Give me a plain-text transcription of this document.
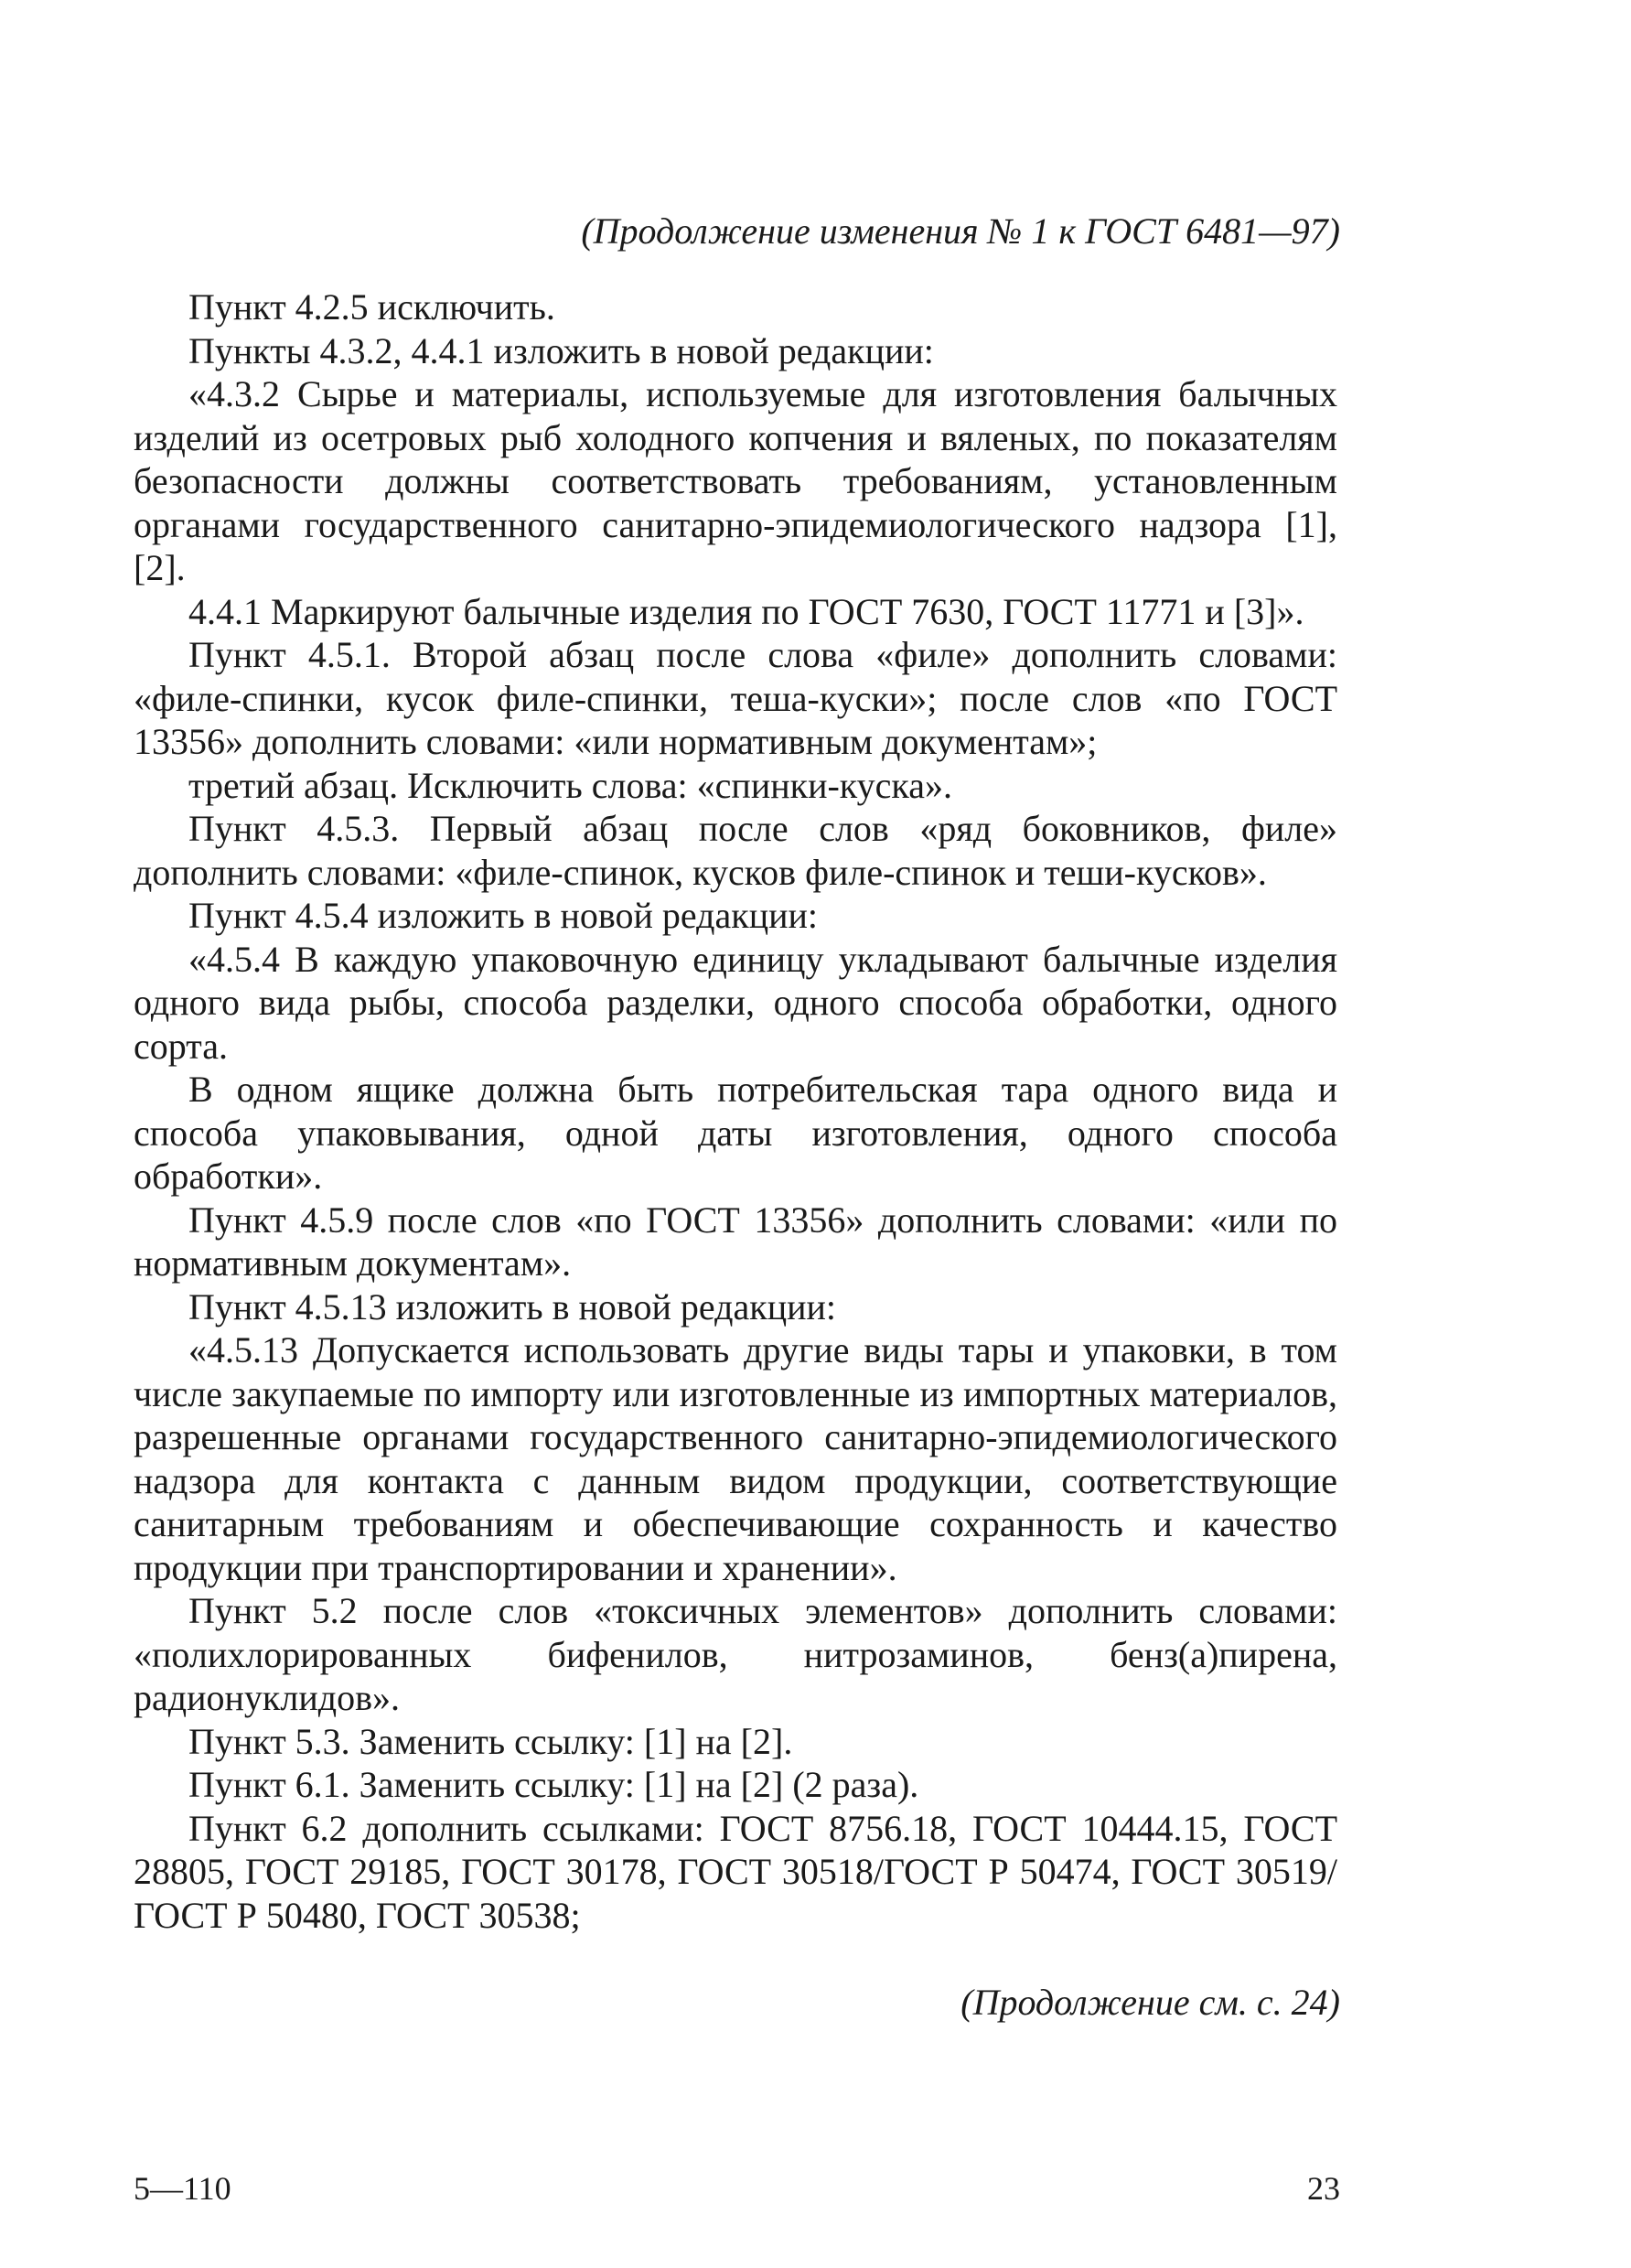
(Продолжение изменения № 1 к ГОСТ 6481—97)

Пункт 4.2.5 исключить.

Пункты 4.3.2, 4.4.1 изложить в новой редакции:

«4.3.2 Сырье и материалы, используемые для изготовления балычных изделий из осетровых рыб холодного копчения и вяленых, по показателям безопасности должны соответствовать требованиям, установленным органами государственного санитарно-эпидемиологического надзора [1], [2].

4.4.1 Маркируют балычные изделия по ГОСТ 7630, ГОСТ 11771 и [3]».

Пункт 4.5.1. Второй абзац после слова «филе» дополнить словами: «филе-спинки, кусок филе-спинки, теша-куски»; после слов «по ГОСТ 13356» дополнить словами: «или нормативным документам»;

третий абзац. Исключить слова: «спинки-куска».

Пункт 4.5.3. Первый абзац после слов «ряд боковников, филе» дополнить словами: «филе-спинок, кусков филе-спинок и теши-кусков».

Пункт 4.5.4 изложить в новой редакции:

«4.5.4 В каждую упаковочную единицу укладывают балычные изделия одного вида рыбы, способа разделки, одного способа обработки, одного сорта.

В одном ящике должна быть потребительская тара одного вида и способа упаковывания, одной даты изготовления, одного способа обработки».

Пункт 4.5.9 после слов «по ГОСТ 13356» дополнить словами: «или по нормативным документам».

Пункт 4.5.13 изложить в новой редакции:

«4.5.13 Допускается использовать другие виды тары и упаковки, в том числе закупаемые по импорту или изготовленные из импортных материалов, разрешенные органами государственного санитарно-эпидемиологического надзора для контакта с данным видом продукции, соответствующие санитарным требованиям и обеспечивающие сохранность и качество продукции при транспортировании и хранении».

Пункт 5.2 после слов «токсичных элементов» дополнить словами: «полихлорированных бифенилов, нитрозаминов, бенз(а)пирена, радионуклидов».

Пункт 5.3. Заменить ссылку: [1] на [2].

Пункт 6.1. Заменить ссылку: [1] на [2] (2 раза).

Пункт 6.2 дополнить ссылками: ГОСТ 8756.18, ГОСТ 10444.15, ГОСТ 28805, ГОСТ 29185, ГОСТ 30178, ГОСТ 30518/ГОСТ Р 50474, ГОСТ 30519/ ГОСТ Р 50480, ГОСТ 30538;

(Продолжение см. с. 24)
5—110	23
